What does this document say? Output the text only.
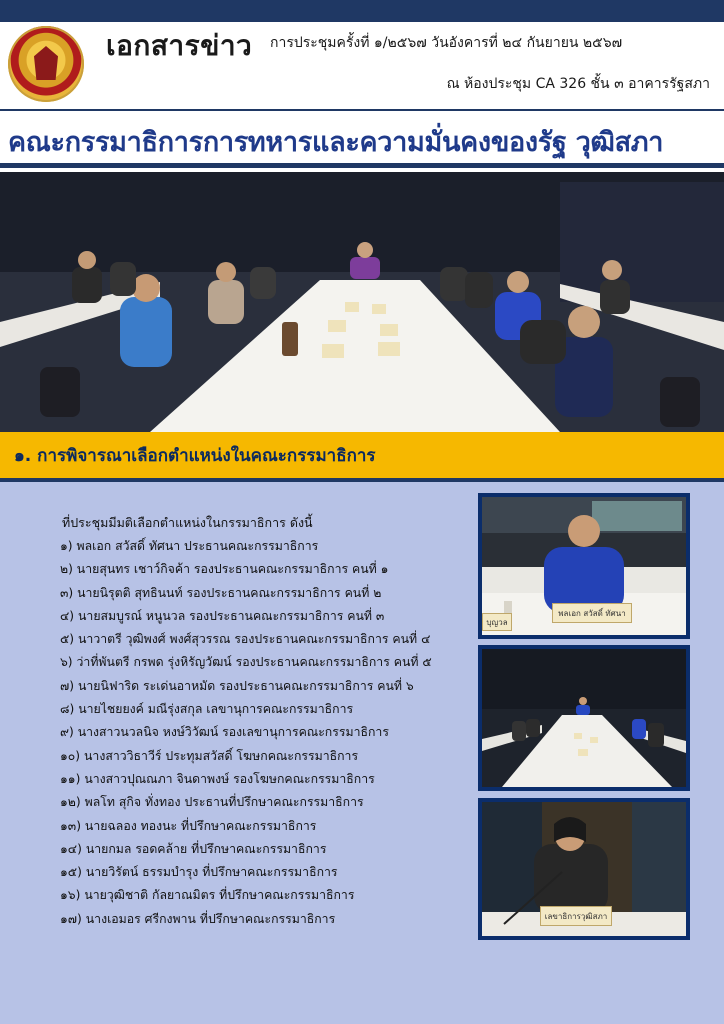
เอกสารข่าว การประชุมครั้งที่ ๑/๒๕๖๗ วันอังคารที่ ๒๔ กันยายน ๒๕๖๗
ณ ห้องประชุม CA 326 ชั้น ๓ อาคารรัฐสภา
คณะกรรมาธิการการทหารและความมั่นคงของรัฐ วุฒิสภา
๑. การพิจารณาเลือกตำแหน่งในคณะกรรมาธิการ
ที่ประชุมมีมติเลือกตำแหน่งในกรรมาธิการ ดังนี้
๑) พลเอก สวัสดิ์ ทัศนา ประธานคณะกรรมาธิการ
๒) นายสุนทร เชาว์กิจค้า รองประธานคณะกรรมาธิการ คนที่ ๑
๓) นายนิรุตติ สุทธินนท์ รองประธานคณะกรรมาธิการ คนที่ ๒
๔) นายสมบูรณ์ หนูนวล รองประธานคณะกรรมาธิการ คนที่ ๓
๕) นาวาตรี วุฒิพงศ์ พงศ์สุวรรณ รองประธานคณะกรรมาธิการ คนที่ ๔
๖) ว่าที่พันตรี กรพด รุ่งหิรัญวัฒน์ รองประธานคณะกรรมาธิการ คนที่ ๕
๗) นายนิฟาริด ระเด่นอาหมัด รองประธานคณะกรรมาธิการ คนที่ ๖
๘) นายไชยยงค์ มณีรุ่งสกุล เลขานุการคณะกรรมาธิการ
๙) นางสาวนวลนิจ หงษ์วิวัฒน์ รองเลขานุการคณะกรรมาธิการ
๑๐) นางสาววิธาวีร์ ประทุมสวัสดิ์ โฆษกคณะกรรมาธิการ
๑๑) นางสาวปุณณภา จินดาพงษ์ รองโฆษกคณะกรรมาธิการ
๑๒) พลโท สุกิจ ทั่งทอง ประธานที่ปรึกษาคณะกรรมาธิการ
๑๓) นายฉลอง ทองนะ ที่ปรึกษาคณะกรรมาธิการ
๑๔) นายกมล รอดคล้าย ที่ปรึกษาคณะกรรมาธิการ
๑๕) นายวิรัตน์ ธรรมบำรุง ที่ปรึกษาคณะกรรมาธิการ
๑๖) นายวุฒิชาติ กัลยาณมิตร ที่ปรึกษาคณะกรรมาธิการ
๑๗) นางเอมอร ศรีกงพาน ที่ปรึกษาคณะกรรมาธิการ
พลเอก สวัสดิ์ ทัศนา
บุญวล
เลขาธิการวุฒิสภา
